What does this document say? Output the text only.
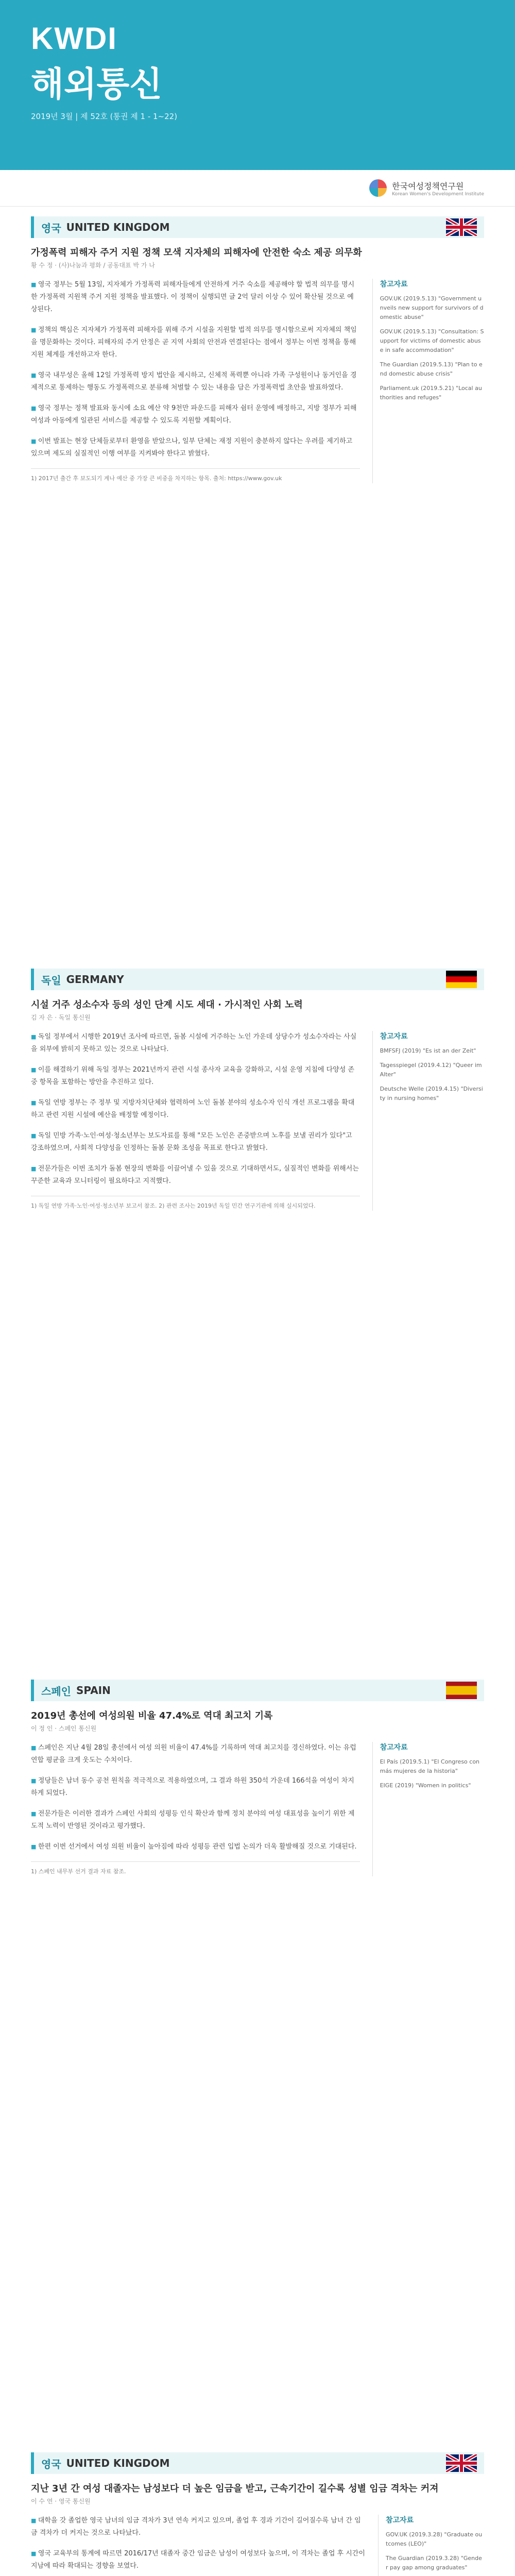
KWDI
해외통신
2019년 3월 | 제 52호 (통권 제 1 - 1~22)
한국여성정책연구원
Korean Women's Development Institute
영국 UNITED KINGDOM
가정폭력 피해자 주거 지원 정책 모색 지자체의 피해자에 안전한 숙소 제공 의무화
황 수 정 · (사)나눔과 평화 / 공동대표 박 가 나

■ 영국 정부는 5월 13일, 지자체가 가정폭력 피해자들에게 안전하게 거주 숙소를 제공해야 할 법적 의무를 명시한 가정폭력 지원책 주거 지원 정책을 발표했다. 이 정책이 실행되면 글 2억 달러 이상 수 있어 확산될 것으로 예상된다.

■ 정책의 핵심은 지자체가 가정폭력 피해자를 위해 주거 시설을 지원할 법적 의무를 명시함으로써 지자체의 책임을 명문화하는 것이다. 피해자의 주거 안정은 곧 지역 사회의 안전과 연결된다는 점에서 정부는 이번 정책을 통해 지원 체계를 개선하고자 한다.

■ 영국 내무성은 올해 12일 가정폭력 방지 법안을 제시하고, 신체적 폭력뿐 아니라 가족 구성원이나 동거인을 경제적으로 통제하는 행동도 가정폭력으로 분류해 처벌할 수 있는 내용을 담은 가정폭력법 초안을 발표하였다.

■ 영국 정부는 정책 발표와 동시에 소요 예산 약 9천만 파운드를 피해자 쉼터 운영에 배정하고, 지방 정부가 피해 여성과 아동에게 일관된 서비스를 제공할 수 있도록 지원할 계획이다.

■ 이번 발표는 현장 단체들로부터 환영을 받았으나, 일부 단체는 재정 지원이 충분하지 않다는 우려를 제기하고 있으며 제도의 실질적인 이행 여부를 지켜봐야 한다고 밝혔다.

1) 2017년 출간 후 보도되기 계나 예산 중 가장 큰 비중을 차지하는 항목. 출처: https://www.gov.uk
참고자료
GOV.UK (2019.5.13) "Government unveils new support for survivors of domestic abuse"
GOV.UK (2019.5.13) "Consultation: Support for victims of domestic abuse in safe accommodation"
The Guardian (2019.5.13) "Plan to end domestic abuse crisis"
Parliament.uk (2019.5.21) "Local authorities and refuges"
독일 GERMANY
시설 거주 성소수자 등의 성인 단계 시도 세대 · 가시적인 사회 노력
김 자 은 · 독일 통신원

■ 독일 정부에서 시행한 2019년 조사에 따르면, 돌봄 시설에 거주하는 노인 가운데 상당수가 성소수자라는 사실을 외부에 밝히지 못하고 있는 것으로 나타났다.

■ 이를 해결하기 위해 독일 정부는 2021년까지 관련 시설 종사자 교육을 강화하고, 시설 운영 지침에 다양성 존중 항목을 포함하는 방안을 추진하고 있다.

■ 독일 연방 정부는 주 정부 및 지방자치단체와 협력하여 노인 돌봄 분야의 성소수자 인식 개선 프로그램을 확대하고 관련 지원 시설에 예산을 배정할 예정이다.

■ 독일 민방 가족·노인·여성·청소년부는 보도자료를 통해 "모든 노인은 존중받으며 노후를 보낼 권리가 있다"고 강조하였으며, 사회적 다양성을 인정하는 돌봄 문화 조성을 목표로 한다고 밝혔다.

■ 전문가들은 이번 조치가 돌봄 현장의 변화를 이끌어낼 수 있을 것으로 기대하면서도, 실질적인 변화를 위해서는 꾸준한 교육과 모니터링이 필요하다고 지적했다.

1) 독일 연방 가족·노인·여성·청소년부 보고서 참조. 2) 관련 조사는 2019년 독일 민간 연구기관에 의해 실시되었다.
참고자료
BMFSFJ (2019) "Es ist an der Zeit"
Tagesspiegel (2019.4.12) "Queer im Alter"
Deutsche Welle (2019.4.15) "Diversity in nursing homes"
스페인 SPAIN
2019년 총선에 여성의원 비율 47.4%로 역대 최고치 기록
이 정 인 · 스페인 통신원

■ 스페인은 지난 4월 28일 총선에서 여성 의원 비율이 47.4%를 기록하며 역대 최고치를 경신하였다. 이는 유럽연합 평균을 크게 웃도는 수치이다.

■ 정당들은 남녀 동수 공천 원칙을 적극적으로 적용하였으며, 그 결과 하원 350석 가운데 166석을 여성이 차지하게 되었다.

■ 전문가들은 이러한 결과가 스페인 사회의 성평등 인식 확산과 함께 정치 분야의 여성 대표성을 높이기 위한 제도적 노력이 반영된 것이라고 평가했다.

■ 한편 이번 선거에서 여성 의원 비율이 높아짐에 따라 성평등 관련 입법 논의가 더욱 활발해질 것으로 기대된다.

1) 스페인 내무부 선거 결과 자료 참조.
참고자료
El País (2019.5.1) "El Congreso con más mujeres de la historia"
EIGE (2019) "Women in politics"
영국 UNITED KINGDOM
지난 3년 간 여성 대졸자는 남성보다 더 높은 임금을 받고, 근속기간이 길수록 성별 임금 격차는 커져
이 수 연 · 영국 통신원

■ 대학을 갓 졸업한 영국 남녀의 임금 격차가 3년 연속 커지고 있으며, 졸업 후 경과 기간이 길어질수록 남녀 간 임금 격차가 더 커지는 것으로 나타났다.

■ 영국 교육부의 통계에 따르면 2016/17년 대졸자 중간 임금은 남성이 여성보다 높으며, 이 격차는 졸업 후 시간이 지남에 따라 확대되는 경향을 보였다.

참고자료
GOV.UK (2019.3.28) "Graduate outcomes (LEO)"
The Guardian (2019.3.28) "Gender pay gap among graduates"
